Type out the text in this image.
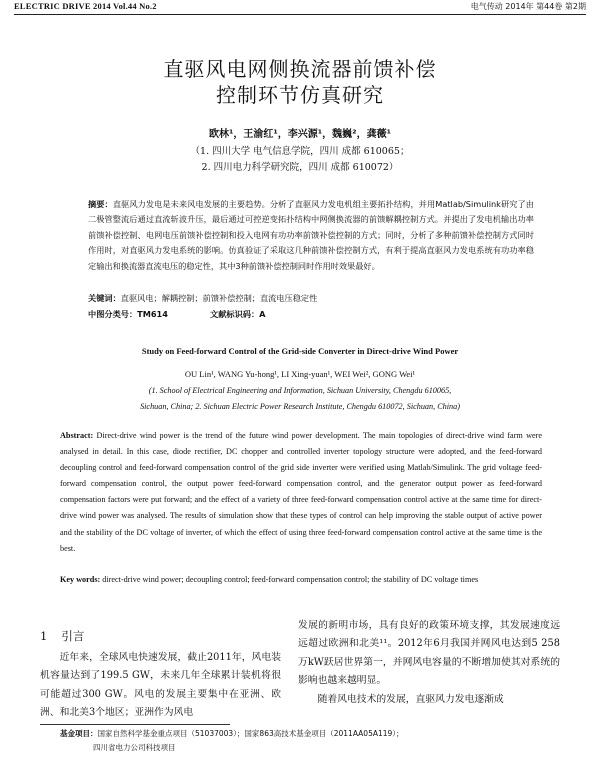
ELECTRIC DRIVE 2014 Vol.44 No.2	电气传动 2014年 第44卷 第2期
直驱风电网侧换流器前馈补偿
控制环节仿真研究
欧林¹，王渝红¹，李兴源¹，魏巍²，龚薇¹
（1. 四川大学 电气信息学院，四川 成都 610065；
2. 四川电力科学研究院，四川 成都 610072）
摘要：直驱风力发电是未来风电发展的主要趋势。分析了直驱风力发电机组主要拓扑结构，并用Matlab/Simulink研究了由二极管整流后通过直流斩波升压，最后通过可控逆变拓扑结构中网侧换流器的前馈解耦控制方式。并提出了发电机输出功率前馈补偿控制、电网电压前馈补偿控制和投入电网有功功率前馈补偿控制的方式；同时，分析了多种前馈补偿控制方式同时作用时，对直驱风力发电系统的影响。仿真验证了采取这几种前馈补偿控制方式，有利于提高直驱风力发电系统有功功率稳定输出和换流器直流电压的稳定性，其中3种前馈补偿控制同时作用时效果最好。
关键词：直驱风电；解耦控制；前馈补偿控制；直流电压稳定性
中图分类号：TM614	文献标识码：A
Study on Feed-forward Control of the Grid-side Converter in Direct-drive Wind Power
OU Lin¹, WANG Yu-hong¹, LI Xing-yuan¹, WEI Wei², GONG Wei¹
(1. School of Electrical Engineering and Information, Sichuan University, Chengdu 610065,
Sichuan, China; 2. Sichuan Electric Power Research Institute, Chengdu 610072, Sichuan, China)
Abstract: Direct-drive wind power is the trend of the future wind power development. The main topologies of direct-drive wind farm were analysed in detail. In this case, diode rectifier, DC chopper and controlled inverter topology structure were adopted, and the feed-forward decoupling control and feed-forward compensation control of the grid side inverter were verified using Matlab/Simulink. The grid voltage feed-forward compensation control, the output power feed-forward compensation control, and the generator output power as feed-forward compensation factors were put forward; and the effect of a variety of three feed-forward compensation control active at the same time for direct-drive wind power was analysed. The results of simulation show that these types of control can help improving the stable output of active power and the stability of the DC voltage of inverter, of which the effect of using three feed-forward compensation control active at the same time is the best.
Key words: direct-drive wind power; decoupling control; feed-forward compensation control; the stability of DC voltage times
1 引言
近年来，全球风电快速发展，截止2011年，风电装机容量达到了199.5 GW，未来几年全球累计装机将很可能超过300 GW。风电的发展主要集中在亚洲、欧洲、和北美3个地区；亚洲作为风电
发展的新明市场，具有良好的政策环境支撑，其发展速度远远超过欧洲和北美¹¹。2012年6月我国并网风电达到5 258万kW跃居世界第一，并网风电容量的不断增加使其对系统的影响也越来越明显。
随着风电技术的发展，直驱风力发电逐渐成
基金项目：国家自然科学基金重点项目（51037003）；国家863高技术基金项目（2011AA05A119）；
四川省电力公司科技项目
